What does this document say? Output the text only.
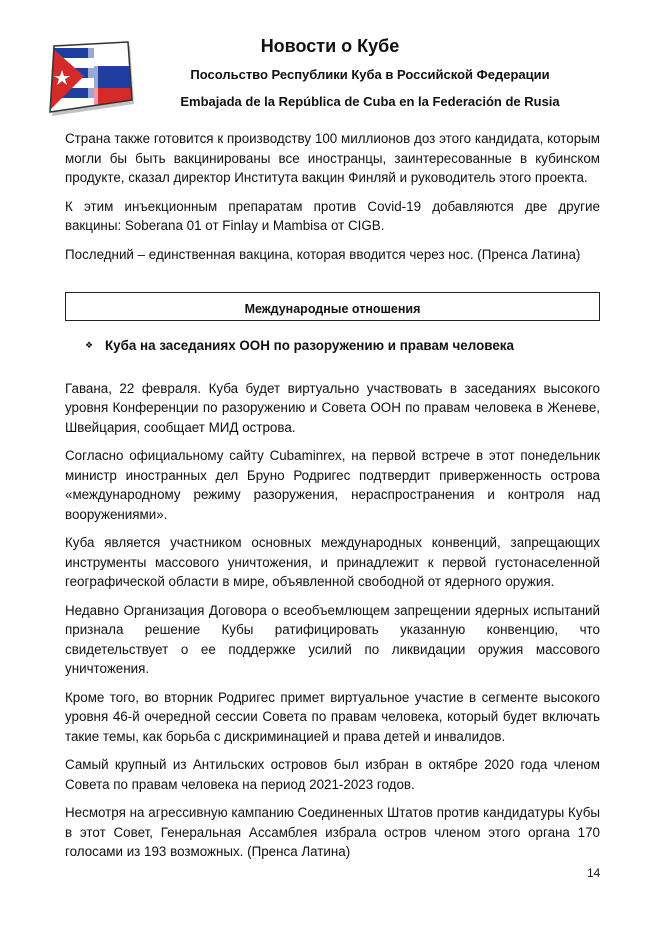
Новости о Кубе
Посольство Республики Куба в Российской Федерации
Embajada de la República de Cuba en la Federación de Rusia

Страна также готовится к производству 100 миллионов доз этого кандидата, которым могли бы быть вакцинированы все иностранцы, заинтересованные в кубинском продукте, сказал директор Института вакцин Финляй и руководитель этого проекта.

К этим инъекционным препаратам против Covid-19 добавляются две другие вакцины: Soberana 01 от Finlay и Mambisa от CIGB.

Последний – единственная вакцина, которая вводится через нос. (Пренса Латина)

Международные отношения
❖ Куба на заседаниях ООН по разоружению и правам человека

Гавана, 22 февраля. Куба будет виртуально участвовать в заседаниях высокого уровня Конференции по разоружению и Совета ООН по правам человека в Женеве, Швейцария, сообщает МИД острова.

Согласно официальному сайту Cubaminrex, на первой встрече в этот понедельник министр иностранных дел Бруно Родригес подтвердит приверженность острова «международному режиму разоружения, нераспространения и контроля над вооружениями».

Куба является участником основных международных конвенций, запрещающих инструменты массового уничтожения, и принадлежит к первой густонаселенной географической области в мире, объявленной свободной от ядерного оружия.

Недавно Организация Договора о всеобъемлющем запрещении ядерных испытаний признала решение Кубы ратифицировать указанную конвенцию, что свидетельствует о ее поддержке усилий по ликвидации оружия массового уничтожения.

Кроме того, во вторник Родригес примет виртуальное участие в сегменте высокого уровня 46-й очередной сессии Совета по правам человека, который будет включать такие темы, как борьба с дискриминацией и права детей и инвалидов.

Самый крупный из Антильских островов был избран в октябре 2020 года членом Совета по правам человека на период 2021-2023 годов.

Несмотря на агрессивную кампанию Соединенных Штатов против кандидатуры Кубы в этот Совет, Генеральная Ассамблея избрала остров членом этого органа 170 голосами из 193 возможных. (Пренса Латина)

14
